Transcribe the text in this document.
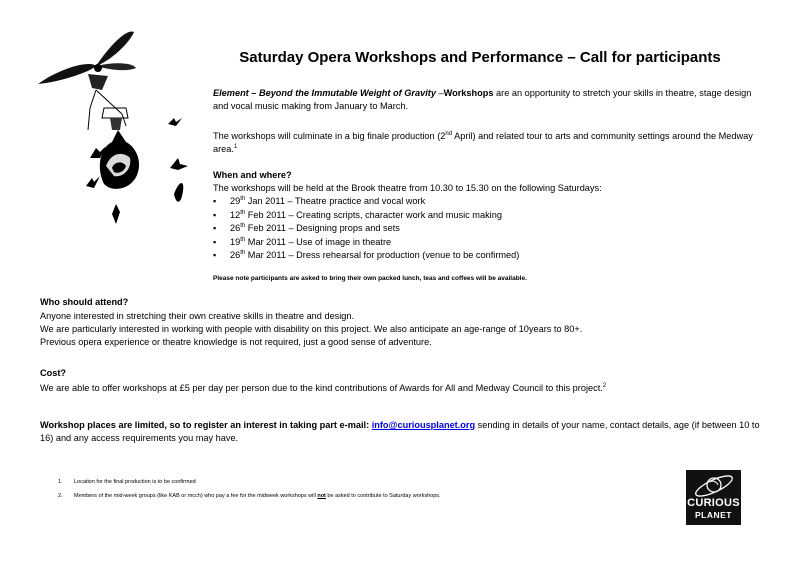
Saturday Opera Workshops and Performance – Call for participants

Element – Beyond the Immutable Weight of Gravity –Workshops are an opportunity to stretch your skills in theatre, stage design and vocal music making from January to March.

The workshops will culminate in a big finale production (2nd April) and related tour to arts and community settings around the Medway area.$^1$

When and where?
The workshops will be held at the Brook theatre from 10.30 to 15.30 on the following Saturdays:
▪ 29th Jan 2011 – Theatre practice and vocal work
▪ 12th Feb 2011 – Creating scripts, character work and music making
▪ 26th Feb 2011 – Designing props and sets
▪ 19th Mar 2011 – Use of image in theatre
▪ 26th Mar 2011 – Dress rehearsal for production (venue to be confirmed)
Please note participants are asked to bring their own packed lunch, teas and coffees will be available.
Who should attend?
Anyone interested in stretching their own creative skills in theatre and design.
We are particularly interested in working with people with disability on this project. We also anticipate an age-range of 10years to 80+.
Previous opera experience or theatre knowledge is not required, just a good sense of adventure.
Cost?
We are able to offer workshops at £5 per day per person due to the kind contributions of Awards for All and Medway Council to this project.$^2$

Workshop places are limited, so to register an interest in taking part e-mail: info@curiousplanet.org sending in details of your name, contact details, age (if between 10 to 16) and any access requirements you may have.

1. Location for the final production is to be confirmed
2. Members of the mid-week groups (like KAB or mcch) who pay a fee for the midweek workshops will not be asked to contribute to Saturday workshops.
CURIOUS
PLANET
